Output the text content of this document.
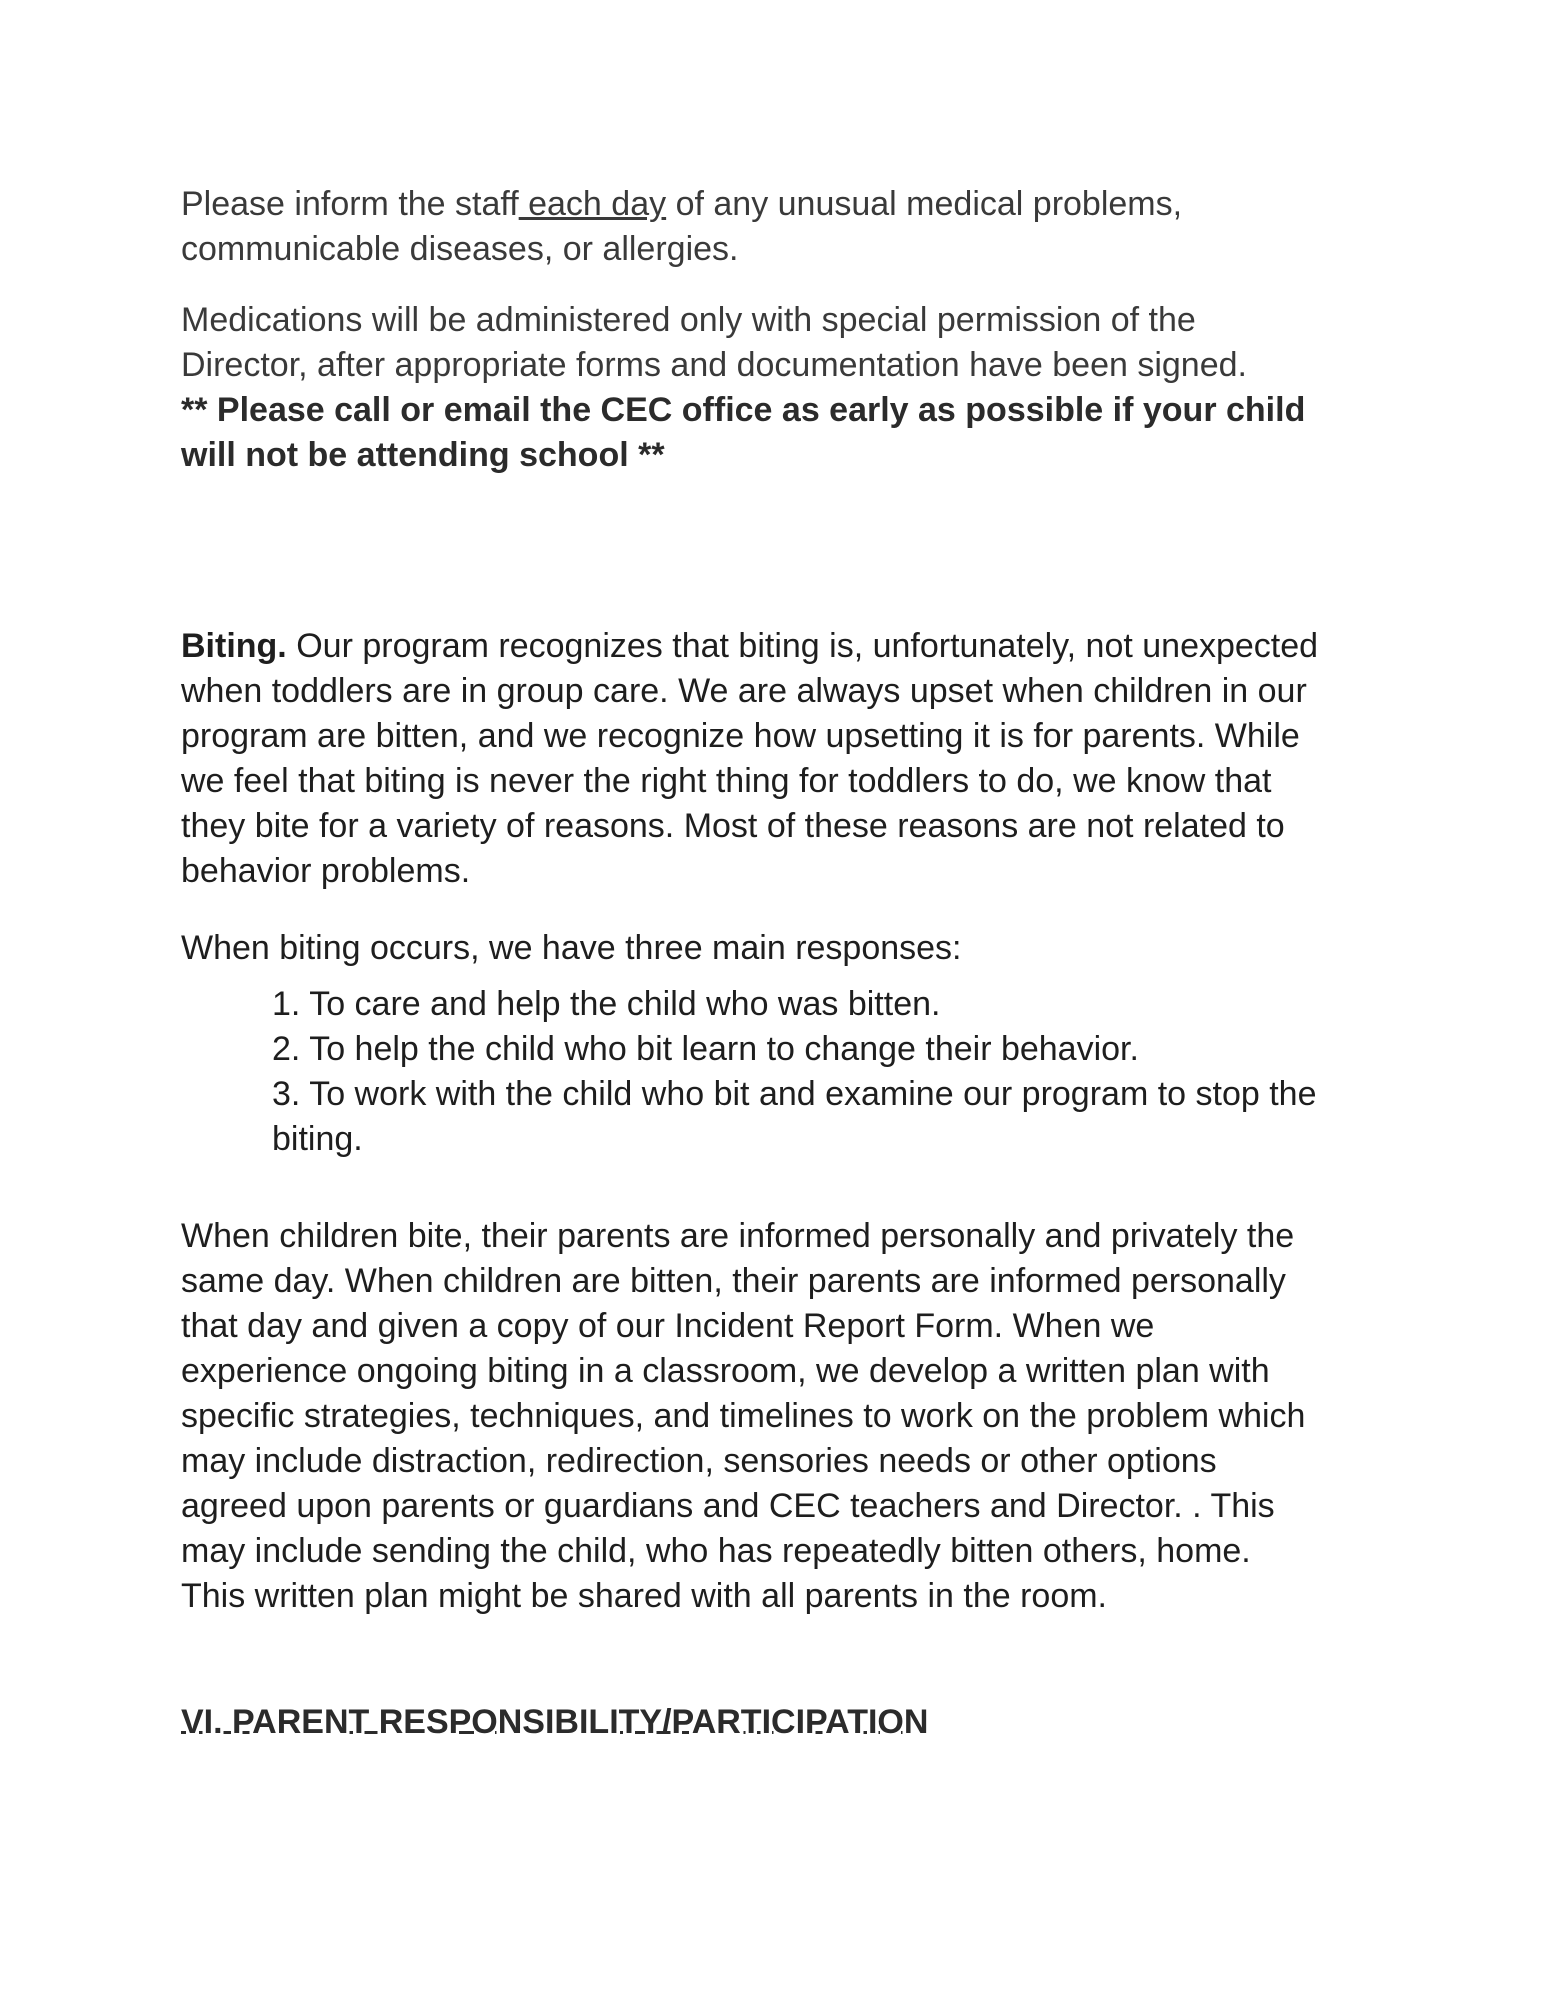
Please inform the staff each day of any unusual medical problems,
communicable diseases, or allergies.
Medications will be administered only with special permission of the
Director, after appropriate forms and documentation have been signed.
** Please call or email the CEC office as early as possible if your child
will not be attending school **
Biting. Our program recognizes that biting is, unfortunately, not unexpected
when toddlers are in group care. We are always upset when children in our
program are bitten, and we recognize how upsetting it is for parents. While
we feel that biting is never the right thing for toddlers to do, we know that
they bite for a variety of reasons. Most of these reasons are not related to
behavior problems.
When biting occurs, we have three main responses:
1. To care and help the child who was bitten.
2. To help the child who bit learn to change their behavior.
3. To work with the child who bit and examine our program to stop the
biting.
When children bite, their parents are informed personally and privately the
same day. When children are bitten, their parents are informed personally
that day and given a copy of our Incident Report Form. When we
experience ongoing biting in a classroom, we develop a written plan with
specific strategies, techniques, and timelines to work on the problem which
may include distraction, redirection, sensories needs or other options
agreed upon parents or guardians and CEC teachers and Director. . This
may include sending the child, who has repeatedly bitten others, home.
This written plan might be shared with all parents in the room.
VI. PARENT RESPONSIBILITY/PARTICIPATION
